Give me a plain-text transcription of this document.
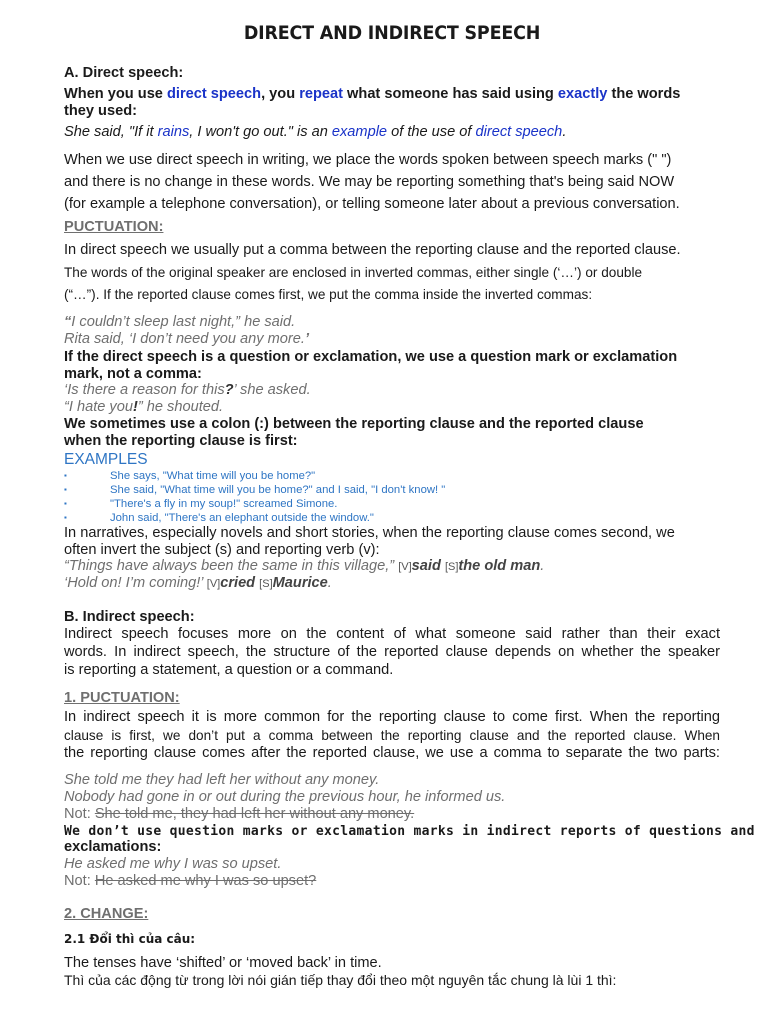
DIRECT AND INDIRECT SPEECH
A. Direct speech:
When you use direct speech, you repeat what someone has said using exactly the words
they used:
She said, "If it rains, I won't go out." is an example of the use of direct speech.
When we use direct speech in writing, we place the words spoken between speech marks (" ")
and there is no change in these words. We may be reporting something that's being said NOW
(for example a telephone conversation), or telling someone later about a previous conversation.
PUCTUATION:
In direct speech we usually put a comma between the reporting clause and the reported clause.
The words of the original speaker are enclosed in inverted commas, either single (‘…’) or double
(“…”). If the reported clause comes first, we put the comma inside the inverted commas:
“I couldn’t sleep last night,” he said.
Rita said, ‘I don’t need you any more.’
If the direct speech is a question or exclamation, we use a question mark or exclamation
mark, not a comma:
‘Is there a reason for this?’ she asked.
“I hate you!” he shouted.
We sometimes use a colon (:) between the reporting clause and the reported clause
when the reporting clause is first:
EXAMPLES
▪	She says, "What time will you be home?"
▪	She said, "What time will you be home?" and I said, "I don't know! "
▪	"There's a fly in my soup!" screamed Simone.
▪	John said, "There's an elephant outside the window."
In narratives, especially novels and short stories, when the reporting clause comes second, we
often invert the subject (s) and reporting verb (v):
“Things have always been the same in this village,” [V]said [S]the old man.
‘Hold on! I’m coming!’ [V]cried [S]Maurice.
B. Indirect speech:
Indirect speech focuses more on the content of what someone said rather than their exact
words. In indirect speech, the structure of the reported clause depends on whether the speaker
is reporting a statement, a question or a command.
1. PUCTUATION:
In indirect speech it is more common for the reporting clause to come first. When the reporting
clause is first, we don’t put a comma between the reporting clause and the reported clause. When
the reporting clause comes after the reported clause, we use a comma to separate the two parts:
She told me they had left her without any money.
Nobody had gone in or out during the previous hour, he informed us.
Not: She told me, they had left her without any money.
We don’t use question marks or exclamation marks in indirect reports of questions and
exclamations:
He asked me why I was so upset.
Not: He asked me why I was so upset?
2. CHANGE:
2.1 Đổi thì của câu:
The tenses have ‘shifted’ or ‘moved back’ in time.
Thì của các động từ trong lời nói gián tiếp thay đổi theo một nguyên tắc chung là lùi 1 thì:
